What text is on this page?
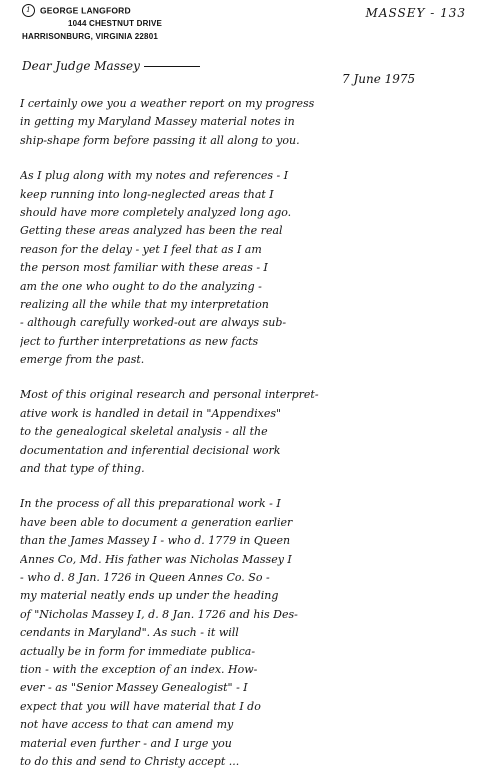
1 GEORGE LANGFORD
1044 CHESTNUT DRIVE
HARRISONBURG, VIRGINIA 22801
MASSEY - 133
Dear Judge Massey
7 June 1975
I certainly owe you a weather report on my progress
in getting my Maryland Massey material notes in
ship-shape form before passing it all along to you.
As I plug along with my notes and references - I
keep running into long-neglected areas that I
should have more completely analyzed long ago.
Getting these areas analyzed has been the real
reason for the delay - yet I feel that as I am
the person most familiar with these areas - I
am the one who ought to do the analyzing -
realizing all the while that my interpretation
- although carefully worked-out are always sub-
ject to further interpretations as new facts
emerge from the past.
Most of this original research and personal interpret-
ative work is handled in detail in "Appendixes"
to the genealogical skeletal analysis - all the
documentation and inferential decisional work
and that type of thing.
In the process of all this preparational work - I
have been able to document a generation earlier
than the James Massey I - who d. 1779 in Queen
Annes Co, Md. His father was Nicholas Massey I
- who d. 8 Jan. 1726 in Queen Annes Co. So -
my material neatly ends up under the heading
of "Nicholas Massey I, d. 8 Jan. 1726 and his Des-
cendants in Maryland". As such - it will
actually be in form for immediate publica-
tion - with the exception of an index. How-
ever - as "Senior Massey Genealogist" - I
expect that you will have material that I do
not have access to that can amend my
material even further - and I urge you
to do this and send to Christy accept ...
